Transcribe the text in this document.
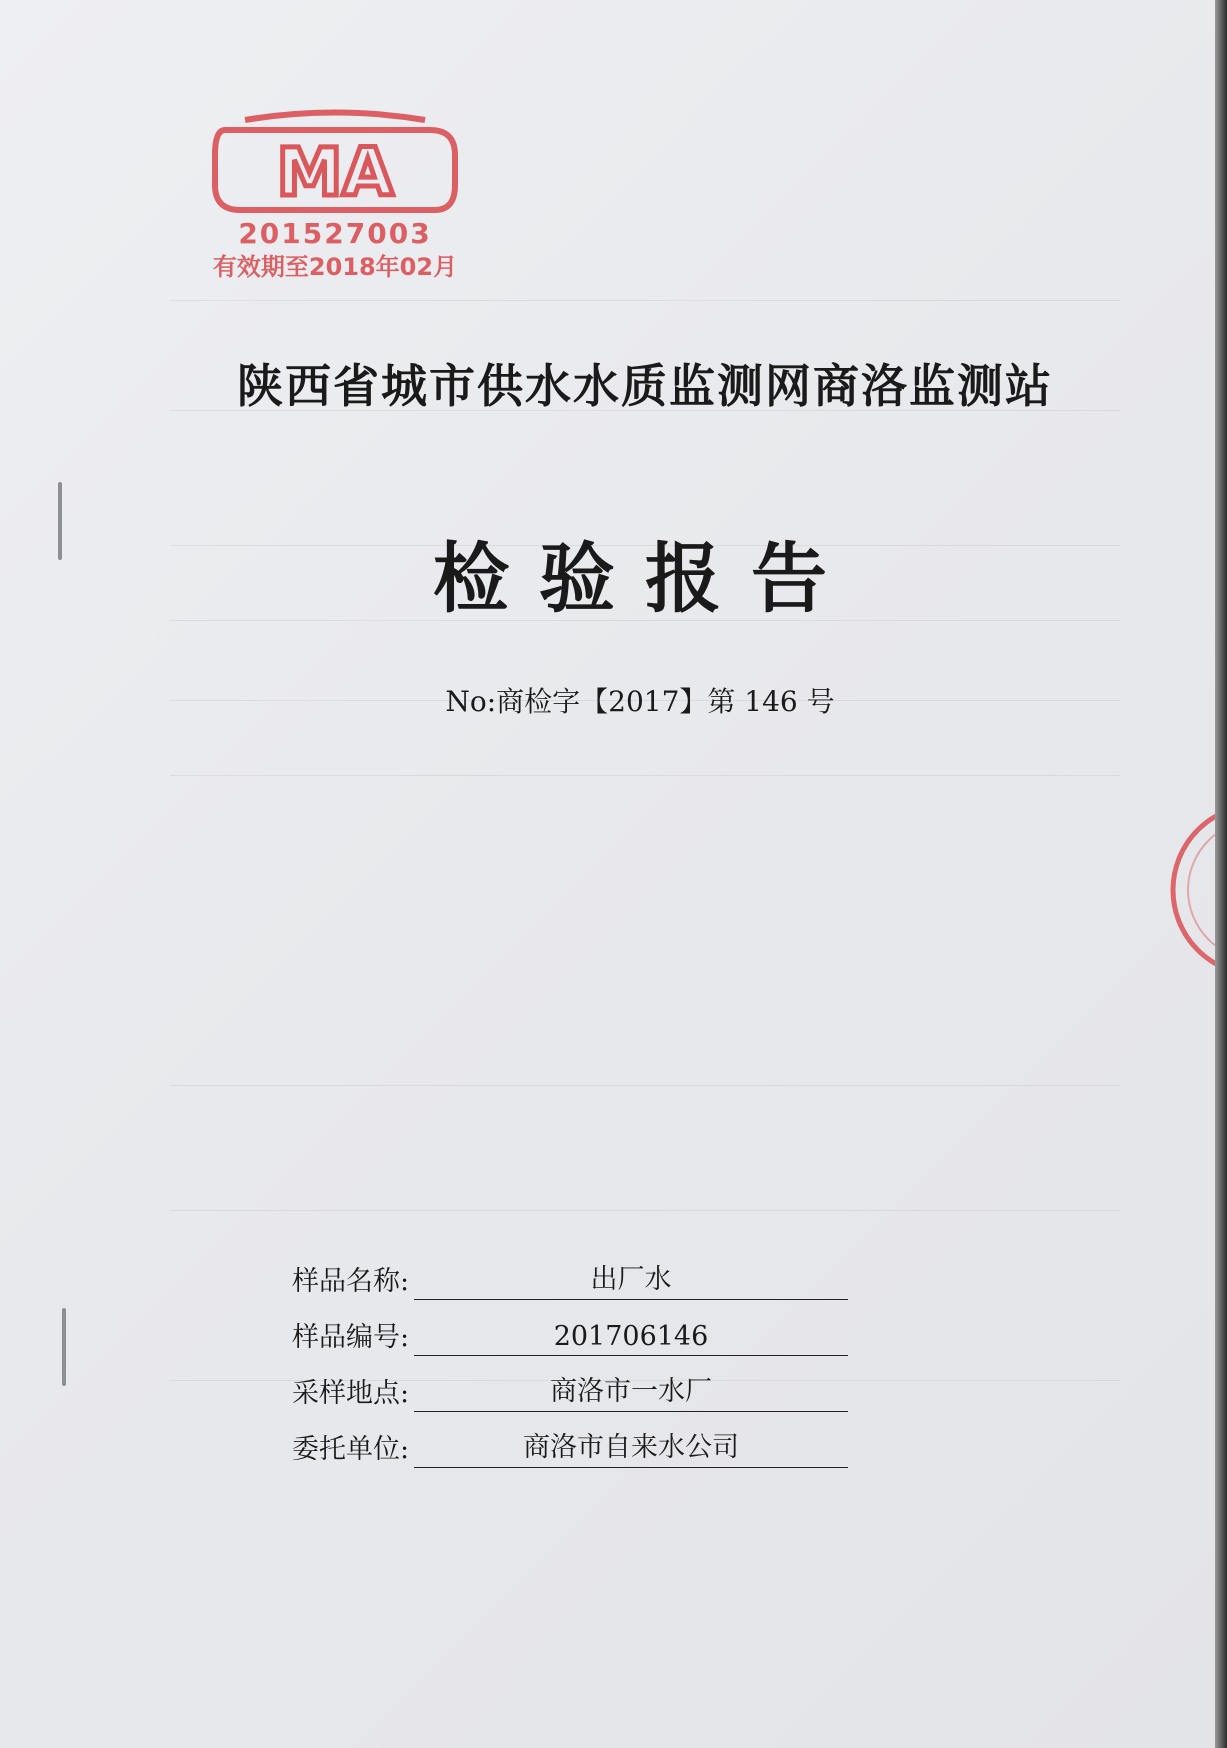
MA
201527003
有效期至2018年02月
陕西省城市供水水质监测网商洛监测站
检验报告
No:商检字【2017】第 146 号
样品名称:	出厂水
样品编号:	201706146
采样地点:	商洛市一水厂
委托单位:	商洛市自来水公司
